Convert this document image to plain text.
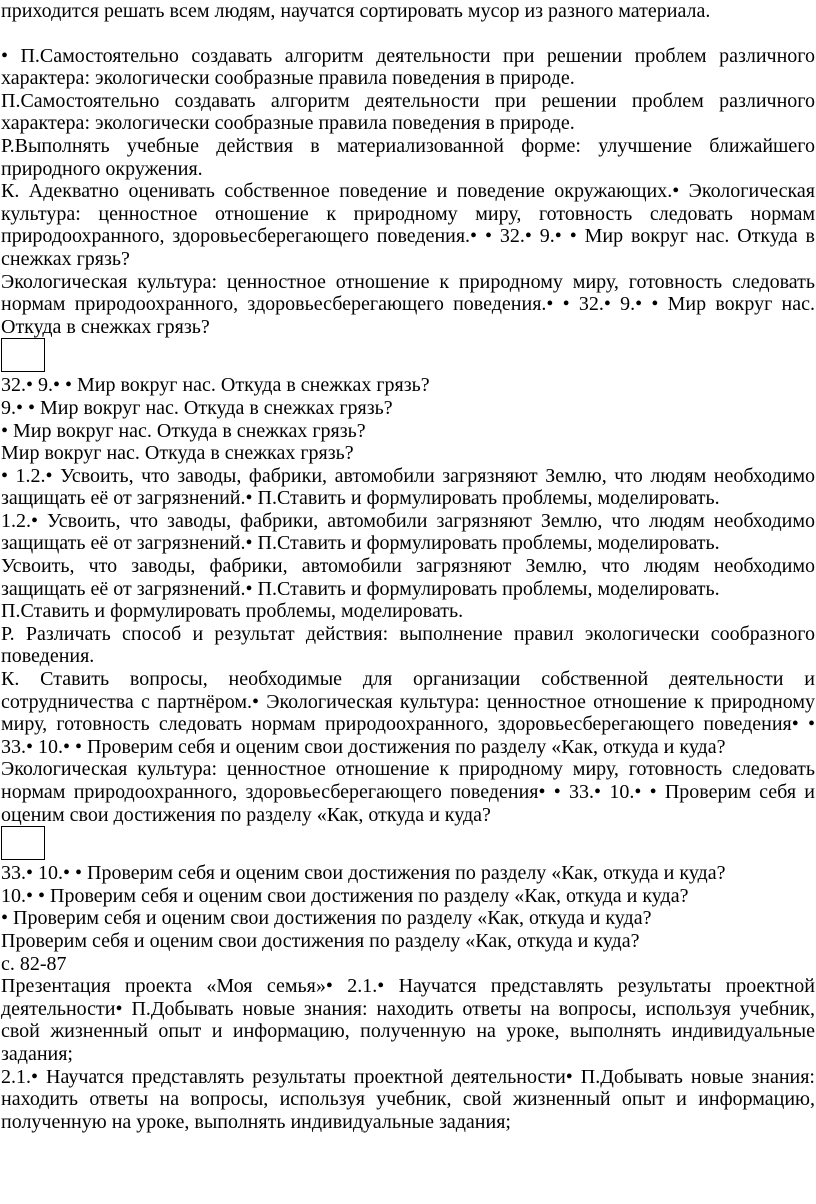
приходится решать всем людям, научатся сортировать мусор из разного материала.

• П.Самостоятельно создавать алгоритм деятельности при решении проблем различного характера: экологически сообразные правила поведения в природе.

П.Самостоятельно создавать алгоритм деятельности при решении проблем различного характера: экологически сообразные правила поведения в природе.

Р.Выполнять учебные действия в материализованной форме: улучшение ближайшего природного окружения.

К. Адекватно оценивать собственное поведение и поведение окружающих.• Экологическая культура: ценностное отношение к природному миру, готовность следовать нормам природоохранного, здоровьесберегающего поведения.• • 32.• 9.• • Мир вокруг нас. Откуда в снежках грязь?

Экологическая культура: ценностное отношение к природному миру, готовность следовать нормам природоохранного, здоровьесберегающего поведения.• • 32.• 9.• • Мир вокруг нас. Откуда в снежках грязь?

32.• 9.• • Мир вокруг нас. Откуда в снежках грязь?

9.• • Мир вокруг нас. Откуда в снежках грязь?

• Мир вокруг нас. Откуда в снежках грязь?

Мир вокруг нас. Откуда в снежках грязь?

• 1.2.• Усвоить, что заводы, фабрики, автомобили загрязняют Землю, что людям необходимо защищать её от загрязнений.• П.Ставить и формулировать проблемы, моделировать.

1.2.• Усвоить, что заводы, фабрики, автомобили загрязняют Землю, что людям необходимо защищать её от загрязнений.• П.Ставить и формулировать проблемы, моделировать.

Усвоить, что заводы, фабрики, автомобили загрязняют Землю, что людям необходимо защищать её от загрязнений.• П.Ставить и формулировать проблемы, моделировать.

П.Ставить и формулировать проблемы, моделировать.

Р. Различать способ и результат действия: выполнение правил экологически сообразного поведения.

К. Ставить вопросы, необходимые для организации собственной деятельности и сотрудничества с партнёром.• Экологическая культура: ценностное отношение к природному миру, готовность следовать нормам природоохранного, здоровьесберегающего поведения• • 33.• 10.• • Проверим себя и оценим свои достижения по разделу «Как, откуда и куда?

Экологическая культура: ценностное отношение к природному миру, готовность следовать нормам природоохранного, здоровьесберегающего поведения• • 33.• 10.• • Проверим себя и оценим свои достижения по разделу «Как, откуда и куда?

33.• 10.• • Проверим себя и оценим свои достижения по разделу «Как, откуда и куда?

10.• • Проверим себя и оценим свои достижения по разделу «Как, откуда и куда?

• Проверим себя и оценим свои достижения по разделу «Как, откуда и куда?

Проверим себя и оценим свои достижения по разделу «Как, откуда и куда?

с. 82-87

Презентация проекта «Моя семья»• 2.1.• Научатся представлять результаты проектной деятельности• П.Добывать новые знания: находить ответы на вопросы, используя учебник, свой жизненный опыт и информацию, полученную на уроке, выполнять индивидуальные задания;

2.1.• Научатся представлять результаты проектной деятельности• П.Добывать новые знания: находить ответы на вопросы, используя учебник, свой жизненный опыт и информацию, полученную на уроке, выполнять индивидуальные задания;
